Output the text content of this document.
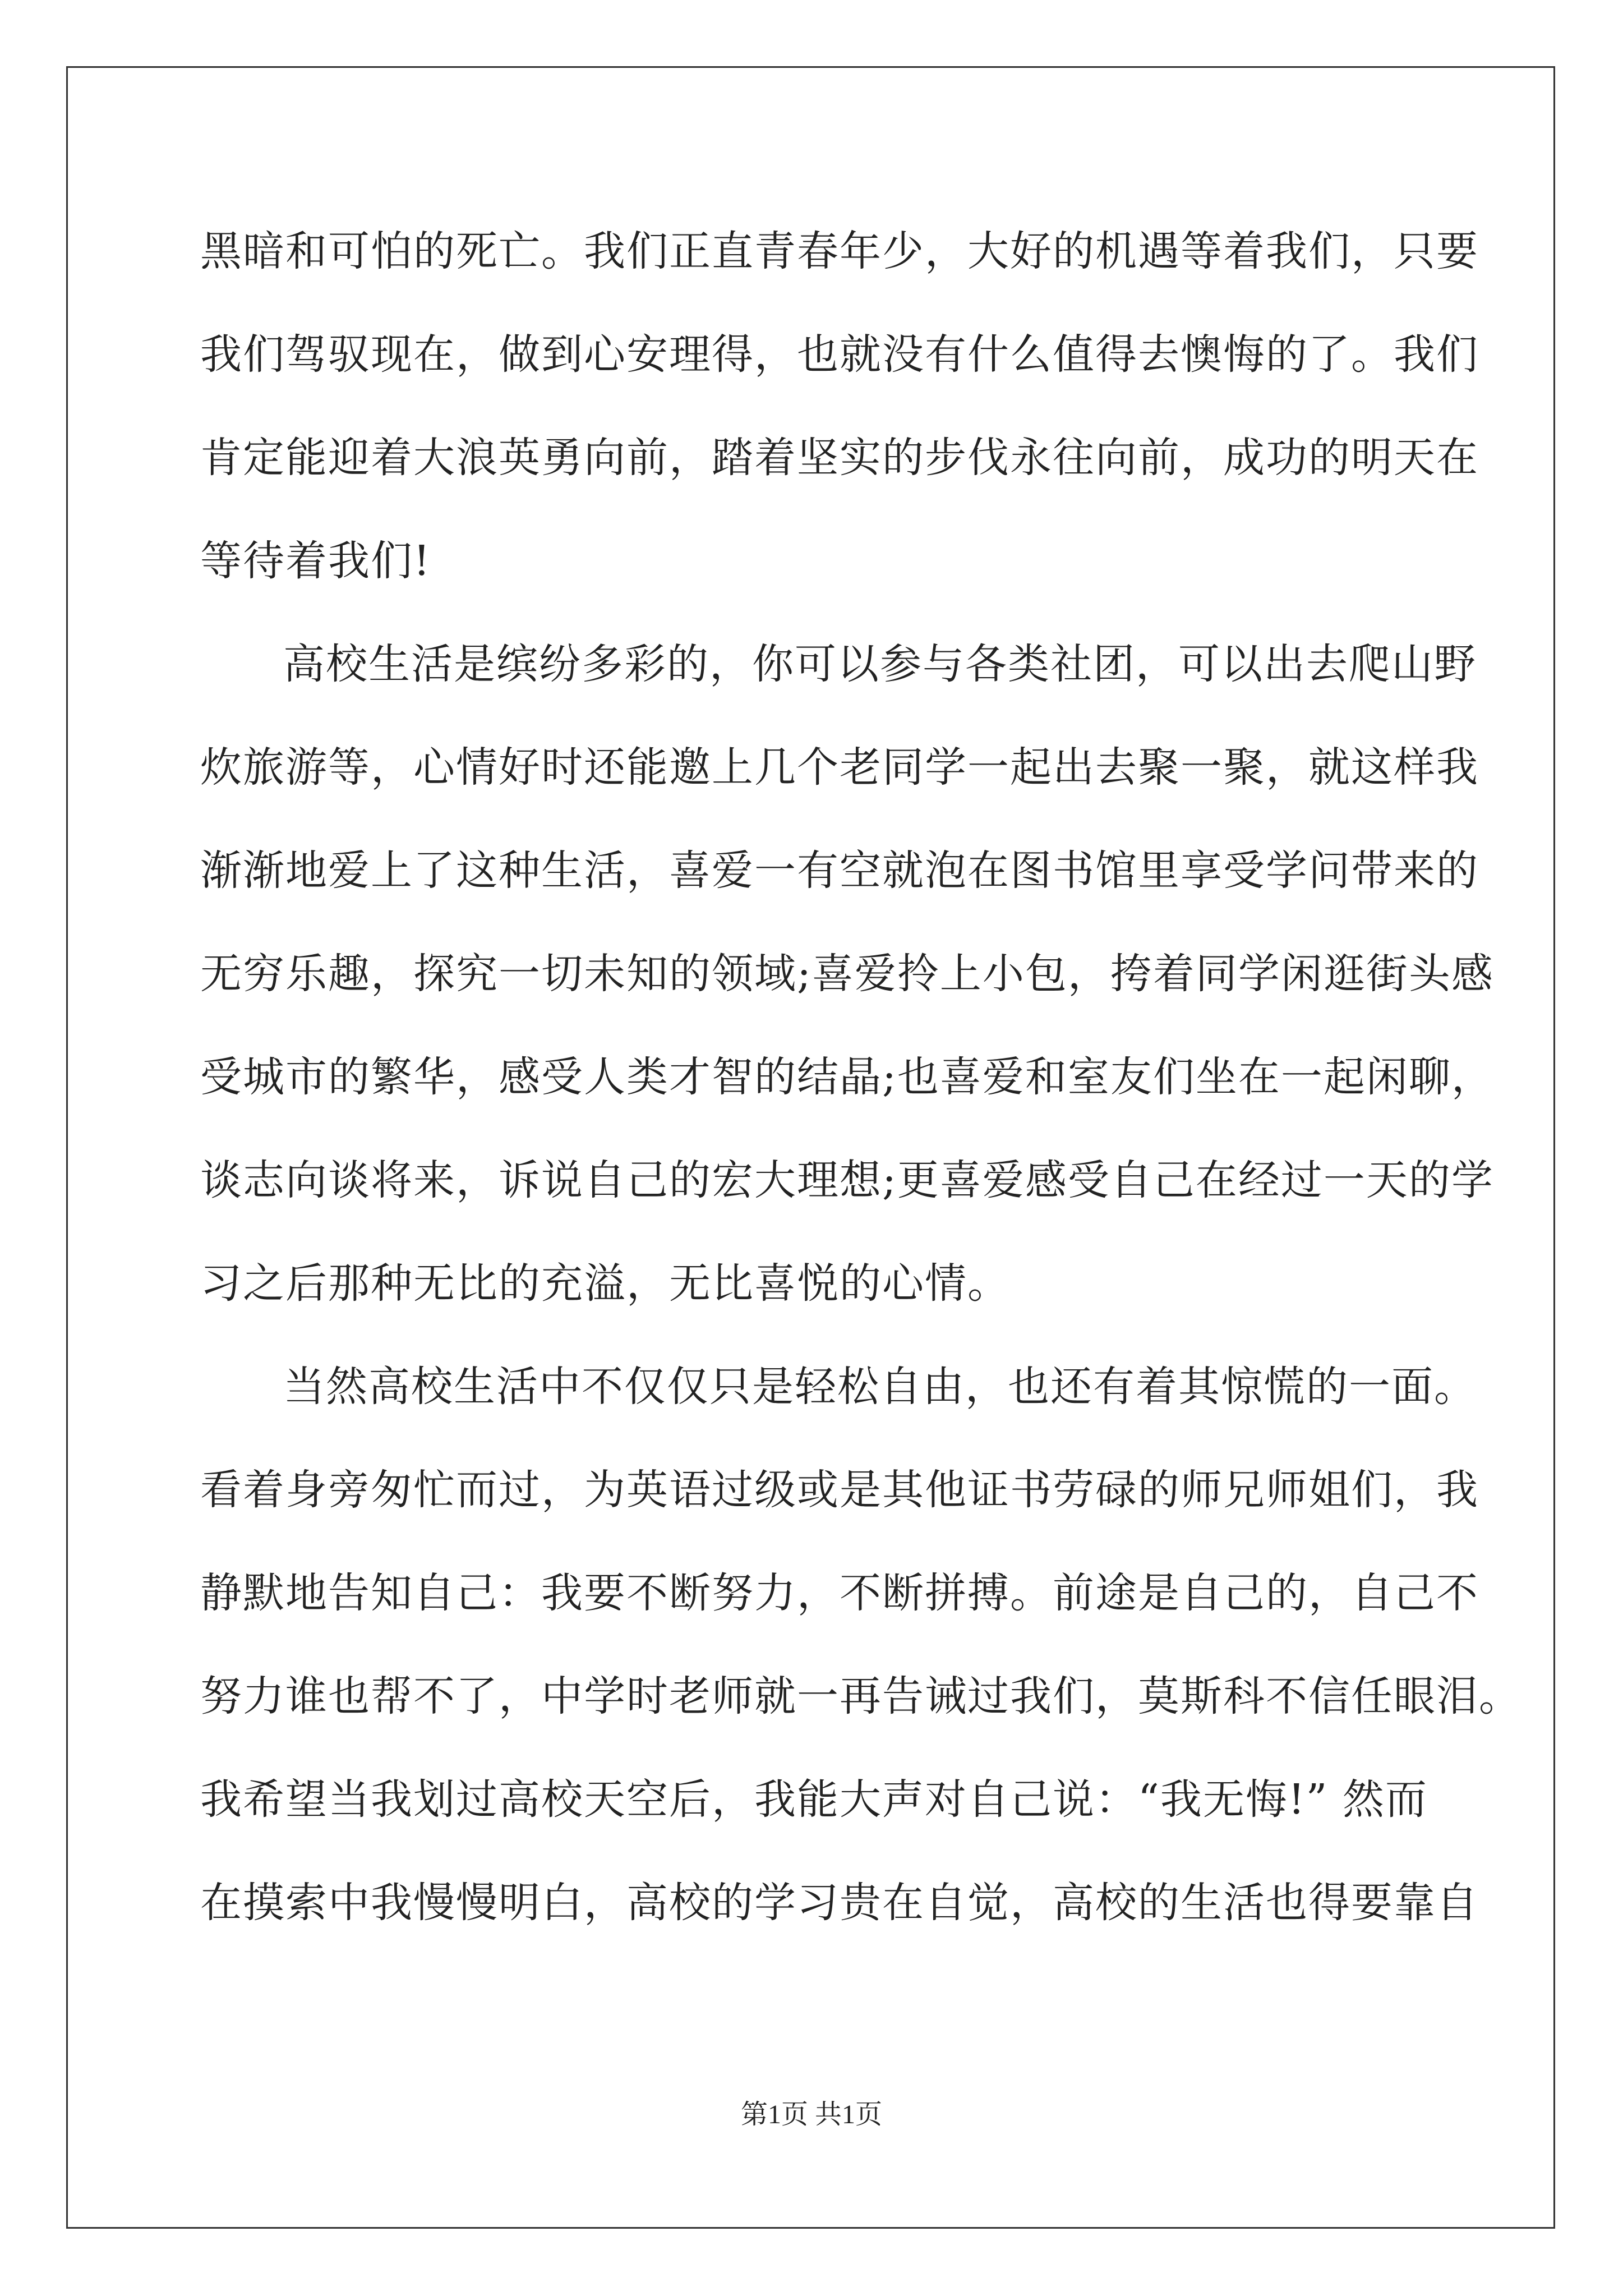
黑暗和可怕的死亡。我们正直青春年少，大好的机遇等着我们，只要
我们驾驭现在，做到心安理得，也就没有什么值得去懊悔的了。我们
肯定能迎着大浪英勇向前，踏着坚实的步伐永往向前，成功的明天在
等待着我们!
高校生活是缤纷多彩的，你可以参与各类社团，可以出去爬山野
炊旅游等，心情好时还能邀上几个老同学一起出去聚一聚，就这样我
渐渐地爱上了这种生活，喜爱一有空就泡在图书馆里享受学问带来的
无穷乐趣，探究一切未知的领域;喜爱拎上小包，挎着同学闲逛街头感
受城市的繁华，感受人类才智的结晶;也喜爱和室友们坐在一起闲聊，
谈志向谈将来，诉说自己的宏大理想;更喜爱感受自己在经过一天的学
习之后那种无比的充溢，无比喜悦的心情。
当然高校生活中不仅仅只是轻松自由，也还有着其惊慌的一面。
看着身旁匆忙而过，为英语过级或是其他证书劳碌的师兄师姐们，我
静默地告知自己：我要不断努力，不断拼搏。前途是自己的，自己不
努力谁也帮不了，中学时老师就一再告诫过我们，莫斯科不信任眼泪。
我希望当我划过高校天空后，我能大声对自己说：“我无悔!” 然而
在摸索中我慢慢明白，高校的学习贵在自觉，高校的生活也得要靠自
第1页 共1页
